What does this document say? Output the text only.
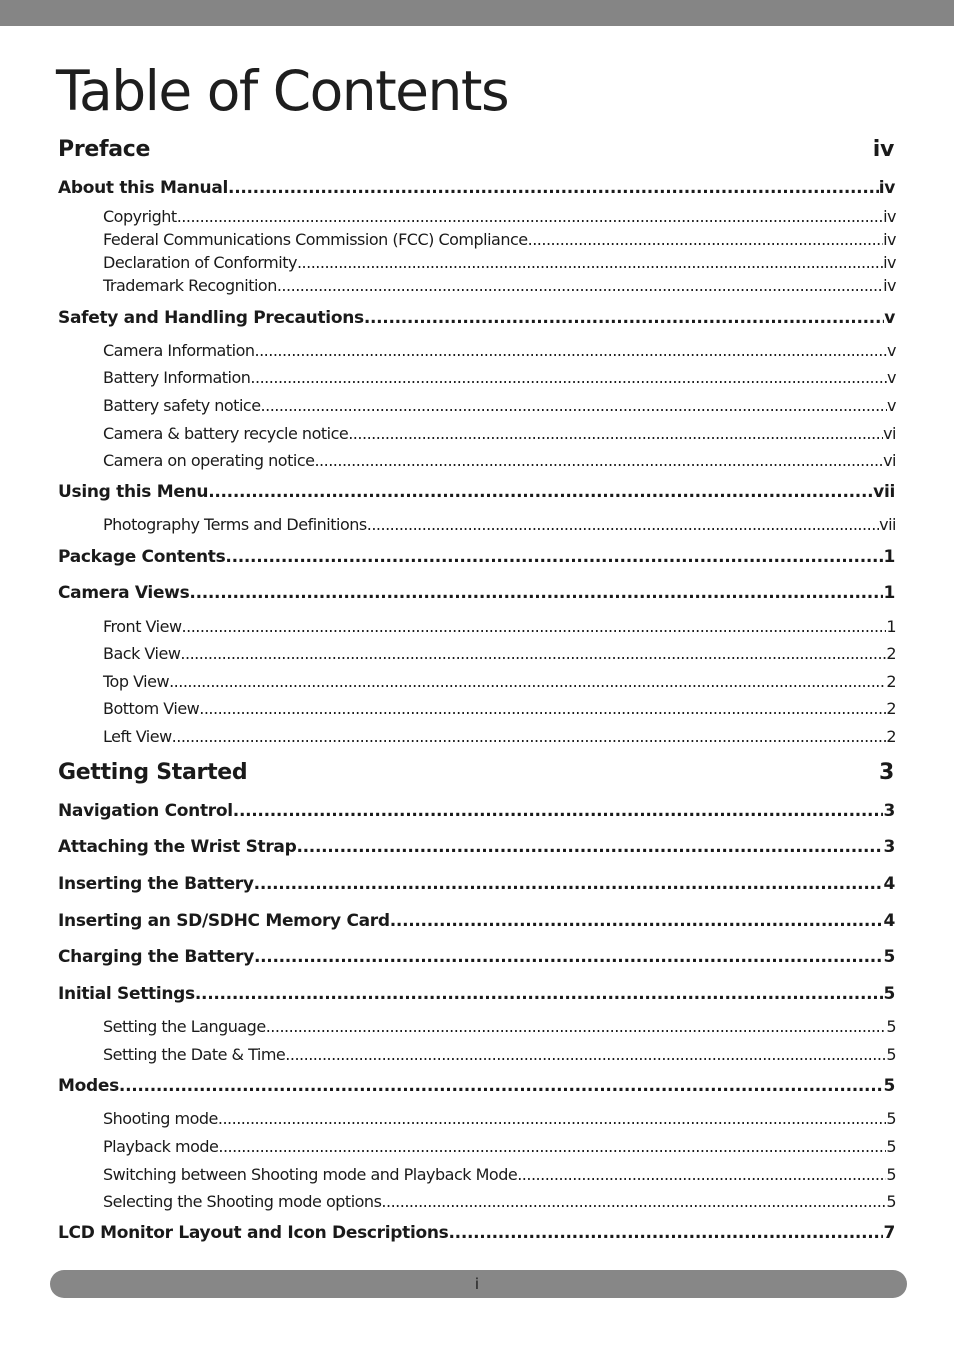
Table of Contents
Preface	iv
About this Manual .....	iv
Copyright .....	iv
Federal Communications Commission (FCC) Compliance .....	iv
Declaration of Conformity .....	iv
Trademark Recognition .....	iv
Safety and Handling Precautions .....	v
Camera Information .....	v
Battery Information .....	v
Battery safety notice .....	v
Camera & battery recycle notice .....	vi
Camera on operating notice .....	vi
Using this Menu .....	vii
Photography Terms and Definitions .....	vii
Package Contents .....	1
Camera Views .....	1
Front View .....	1
Back View .....	2
Top View .....	2
Bottom View .....	2
Left View .....	2
Getting Started	3
Navigation Control .....	3
Attaching the Wrist Strap .....	3
Inserting the Battery .....	4
Inserting an SD/SDHC Memory Card .....	4
Charging the Battery .....	5
Initial Settings .....	5
Setting the Language .....	5
Setting the Date & Time .....	5
Modes .....	5
Shooting mode .....	5
Playback mode .....	5
Switching between Shooting mode and Playback Mode .....	5
Selecting the Shooting mode options .....	5
LCD Monitor Layout and Icon Descriptions .....	7
i
